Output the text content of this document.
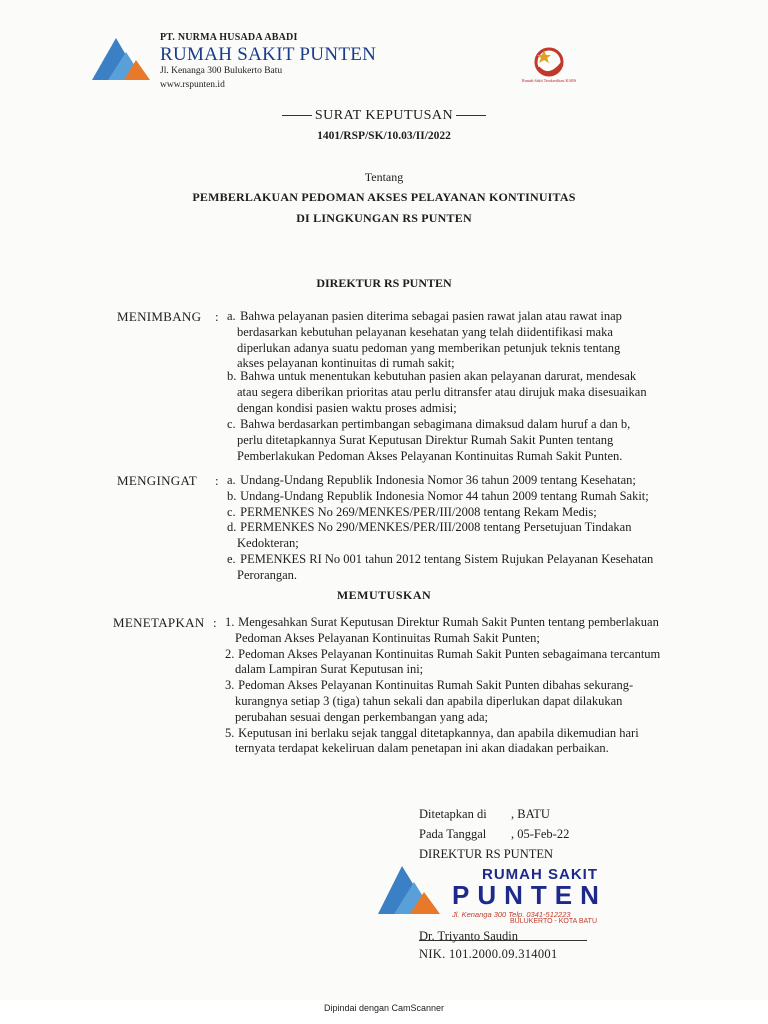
PT. NURMA HUSADA ABADI
RUMAH SAKIT PUNTEN
Jl. Kenanga 300 Bulukerto Batu
www.rspunten.id	Rumah Sakit Terakreditasi KARS
SURAT KEPUTUSAN
1401/RSP/SK/10.03/II/2022
Tentang
PEMBERLAKUAN PEDOMAN AKSES PELAYANAN KONTINUITAS
DI LINGKUNGAN RS PUNTEN
DIREKTUR RS PUNTEN
MENIMBANG : a. Bahwa pelayanan pasien diterima sebagai pasien rawat jalan atau rawat inap
berdasarkan kebutuhan pelayanan kesehatan yang telah diidentifikasi maka
diperlukan adanya suatu pedoman yang memberikan petunjuk teknis tentang
akses pelayanan kontinuitas di rumah sakit;
b. Bahwa untuk menentukan kebutuhan pasien akan pelayanan darurat, mendesak
atau segera diberikan prioritas atau perlu ditransfer atau dirujuk maka disesuaikan
dengan kondisi pasien waktu proses admisi;
c. Bahwa berdasarkan pertimbangan sebagimana dimaksud dalam huruf a dan b,
perlu ditetapkannya Surat Keputusan Direktur Rumah Sakit Punten tentang
Pemberlakukan Pedoman Akses Pelayanan Kontinuitas Rumah Sakit Punten.
MENGINGAT : a. Undang-Undang Republik Indonesia Nomor 36 tahun 2009 tentang Kesehatan;
b. Undang-Undang Republik Indonesia Nomor 44 tahun 2009 tentang Rumah Sakit;
c. PERMENKES No 269/MENKES/PER/III/2008 tentang Rekam Medis;
d. PERMENKES No 290/MENKES/PER/III/2008 tentang Persetujuan Tindakan
Kedokteran;
e. PEMENKES RI No 001 tahun 2012 tentang Sistem Rujukan Pelayanan Kesehatan
Perorangan.
MEMUTUSKAN
MENETAPKAN : 1. Mengesahkan Surat Keputusan Direktur Rumah Sakit Punten tentang pemberlakuan
Pedoman Akses Pelayanan Kontinuitas Rumah Sakit Punten;
2. Pedoman Akses Pelayanan Kontinuitas Rumah Sakit Punten sebagaimana tercantum
dalam Lampiran Surat Keputusan ini;
3. Pedoman Akses Pelayanan Kontinuitas Rumah Sakit Punten dibahas sekurang-
kurangnya setiap 3 (tiga) tahun sekali dan apabila diperlukan dapat dilakukan
perubahan sesuai dengan perkembangan yang ada;
5. Keputusan ini berlaku sejak tanggal ditetapkannya, dan apabila dikemudian hari
ternyata terdapat kekeliruan dalam penetapan ini akan diadakan perbaikan.
Ditetapkan di , BATU
Pada Tanggal , 05-Feb-22
DIREKTUR RS PUNTEN
RUMAH SAKIT
PUNTEN
Jl. Kenanga 300 Telp. 0341-512223
BULUKERTO - KOTA BATU
Dr. Triyanto Saudin
NIK. 101.2000.09.314001
Dipindai dengan CamScanner
